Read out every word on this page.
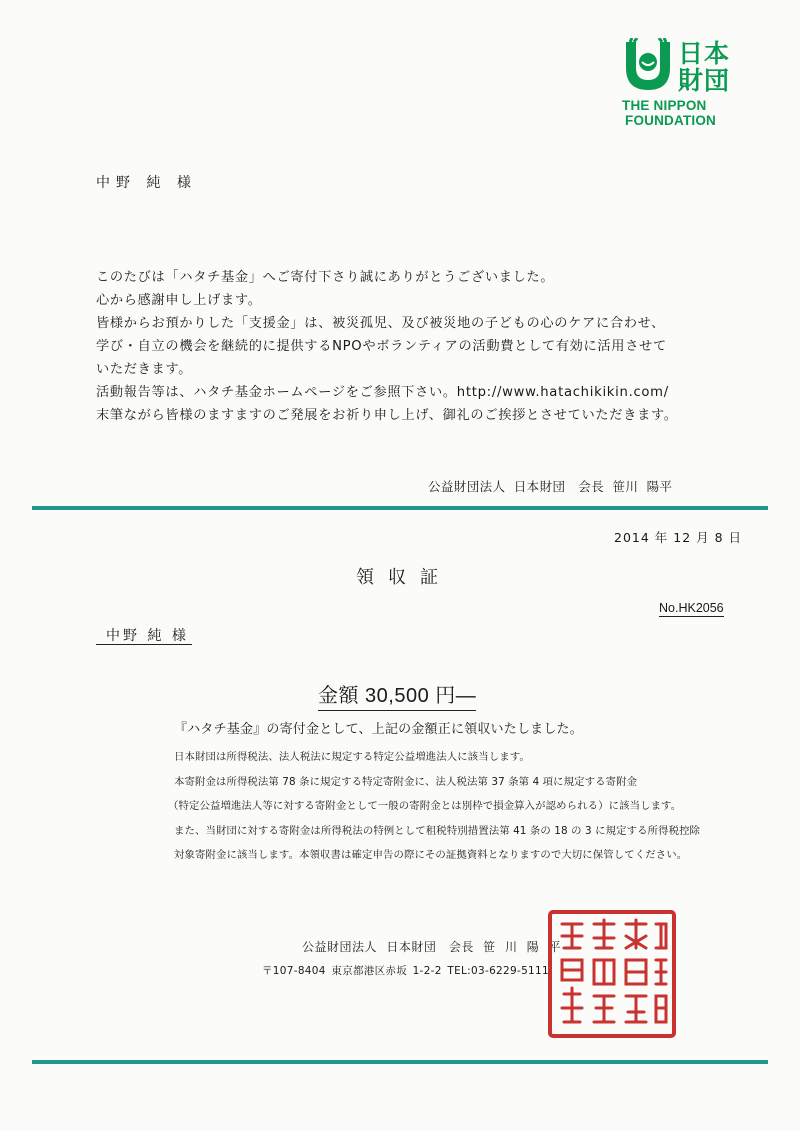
日本財団
THE NIPPON
FOUNDATION
中野 純 様

このたびは「ハタチ基金」へご寄付下さり誠にありがとうございました。

心から感謝申し上げます。

皆様からお預かりした「支援金」は、被災孤児、及び被災地の子どもの心のケアに合わせ、

学び・自立の機会を継続的に提供するNPOやボランティアの活動費として有効に活用させて

いただきます。

活動報告等は、ハタチ基金ホームページをご参照下さい。http://www.hatachikikin.com/

末筆ながら皆様のますますのご発展をお祈り申し上げ、御礼のご挨拶とさせていただきます。

公益財団法人 日本財団　会長 笹川 陽平
2014 年 12 月 8 日
領収証
No.HK2056
中野 純 様
金額 30,500 円―
『ハタチ基金』の寄付金として、上記の金額正に領収いたしました。
日本財団は所得税法、法人税法に規定する特定公益増進法人に該当します。
本寄附金は所得税法第 78 条に規定する特定寄附金に、法人税法第 37 条第 4 項に規定する寄附金
（特定公益増進法人等に対する寄附金として一般の寄附金とは別枠で損金算入が認められる）に該当します。
また、当財団に対する寄附金は所得税法の特例として租税特別措置法第 41 条の 18 の 3 に規定する所得税控除
対象寄附金に該当します。本領収書は確定申告の際にその証拠資料となりますので大切に保管してください。
公益財団法人 日本財団　会長 笹 川 陽 平
〒107-8404 東京都港区赤坂 1-2-2 TEL:03-6229-5111
